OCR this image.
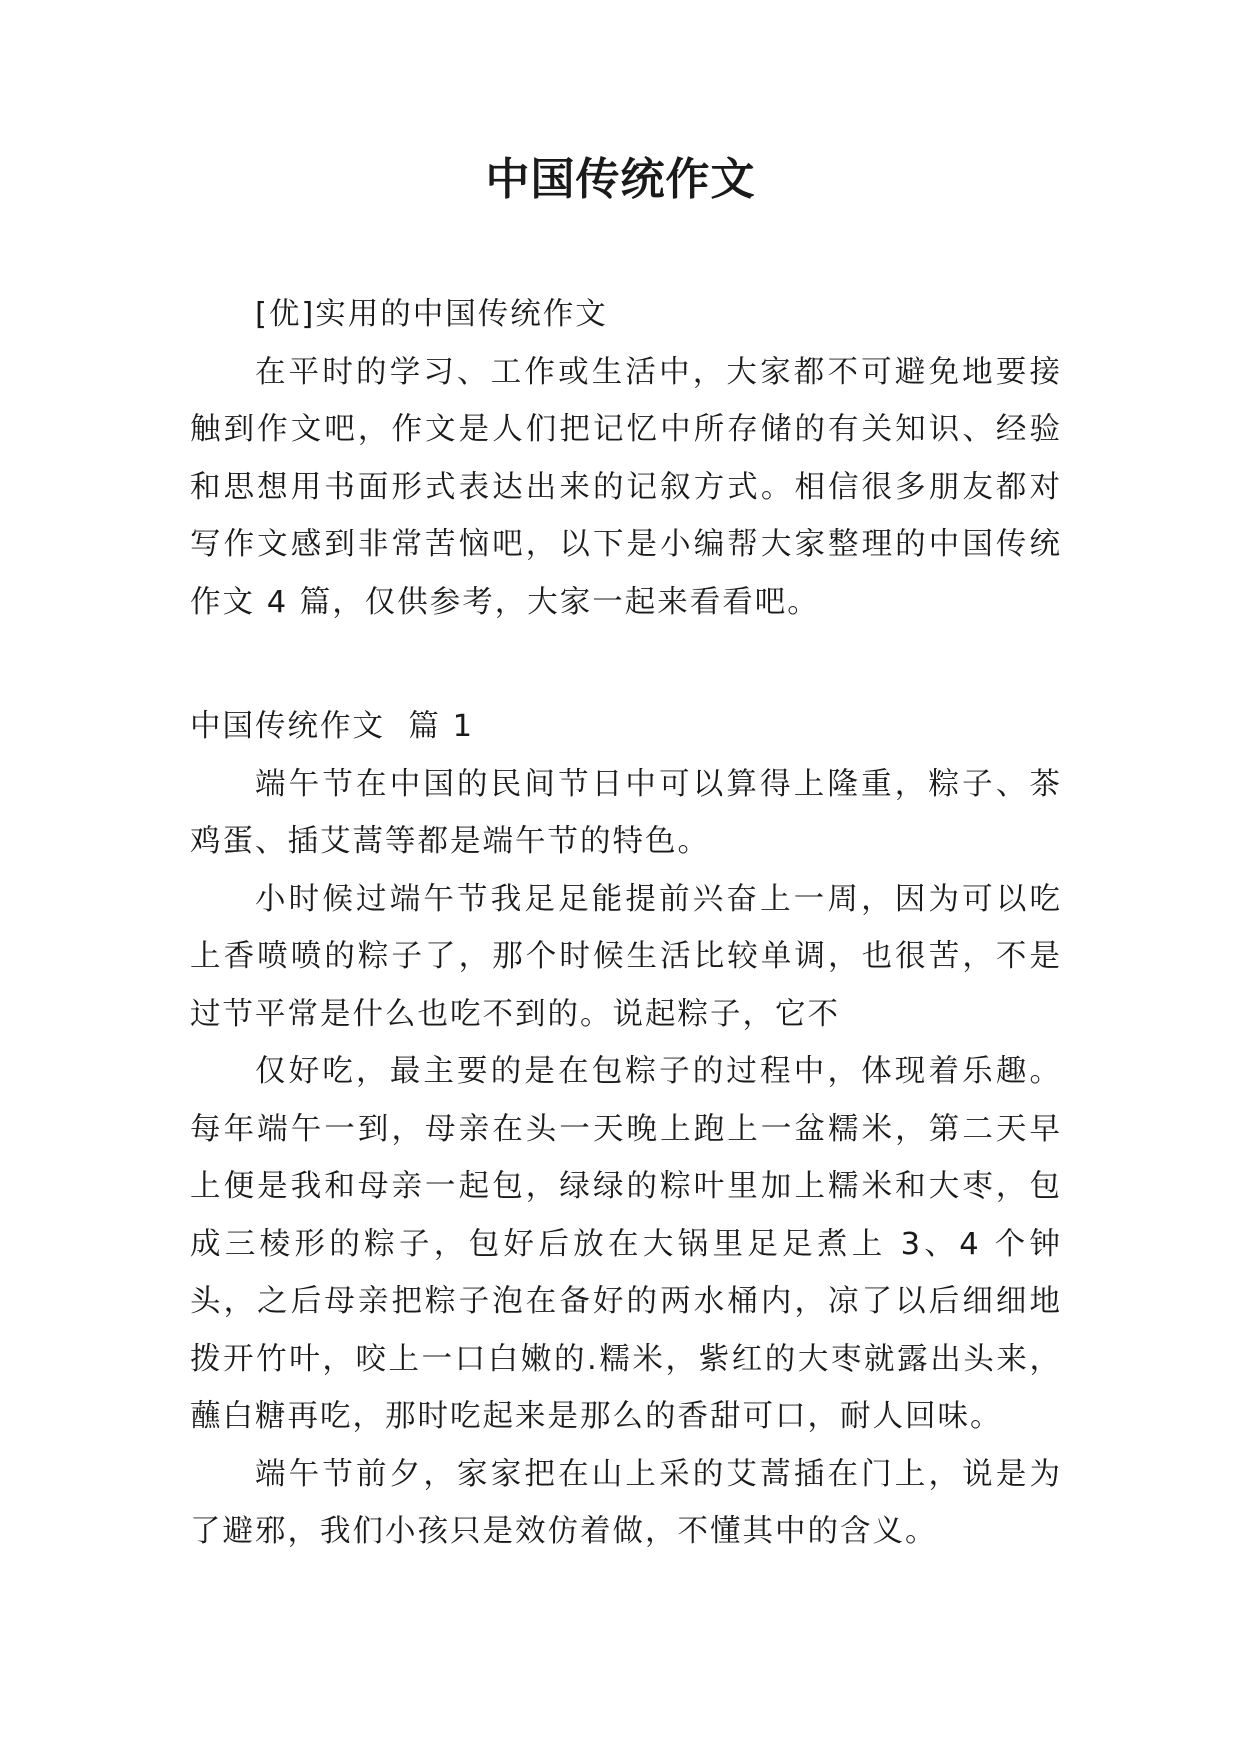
中国传统作文

[优]实用的中国传统作文

在平时的学习、工作或生活中，大家都不可避免地要接触到作文吧，作文是人们把记忆中所存储的有关知识、经验和思想用书面形式表达出来的记叙方式。相信很多朋友都对写作文感到非常苦恼吧，以下是小编帮大家整理的中国传统作文 4 篇，仅供参考，大家一起来看看吧。

中国传统作文  篇 1

端午节在中国的民间节日中可以算得上隆重，粽子、茶鸡蛋、插艾蒿等都是端午节的特色。

小时候过端午节我足足能提前兴奋上一周，因为可以吃上香喷喷的粽子了，那个时候生活比较单调，也很苦，不是过节平常是什么也吃不到的。说起粽子，它不

仅好吃，最主要的是在包粽子的过程中，体现着乐趣。每年端午一到，母亲在头一天晚上跑上一盆糯米，第二天早上便是我和母亲一起包，绿绿的粽叶里加上糯米和大枣，包成三棱形的粽子，包好后放在大锅里足足煮上 3、4 个钟头，之后母亲把粽子泡在备好的两水桶内，凉了以后细细地拨开竹叶，咬上一口白嫩的.糯米，紫红的大枣就露出头来，蘸白糖再吃，那时吃起来是那么的香甜可口，耐人回味。

端午节前夕，家家把在山上采的艾蒿插在门上，说是为了避邪，我们小孩只是效仿着做，不懂其中的含义。
